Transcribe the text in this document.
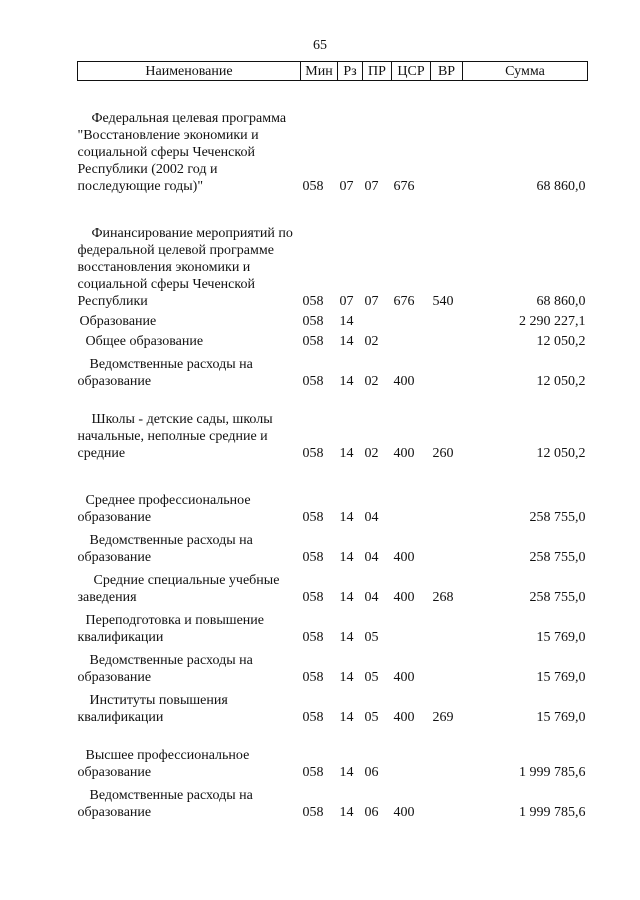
65
Наименование	Мин	Рз	ПР	ЦСР	ВР	Сумма
Федеральная целевая программа "Восстановление экономики и социальной сферы Чеченской Республики (2002 год и последующие годы)"	058	07	07	676		68 860,0
Финансирование мероприятий по федеральной целевой программе восстановления экономики и социальной сферы Чеченской Республики	058	07	07	676	540	68 860,0
Образование	058	14				2 290 227,1
Общее образование	058	14	02			12 050,2
Ведомственные расходы на образование	058	14	02	400		12 050,2
Школы - детские сады, школы начальные, неполные средние и средние	058	14	02	400	260	12 050,2
Среднее профессиональное образование	058	14	04			258 755,0
Ведомственные расходы на образование	058	14	04	400		258 755,0
Средние специальные учебные заведения	058	14	04	400	268	258 755,0
Переподготовка и повышение квалификации	058	14	05			15 769,0
Ведомственные расходы на образование	058	14	05	400		15 769,0
Институты повышения квалификации	058	14	05	400	269	15 769,0
Высшее профессиональное образование	058	14	06			1 999 785,6
Ведомственные расходы на образование	058	14	06	400		1 999 785,6
